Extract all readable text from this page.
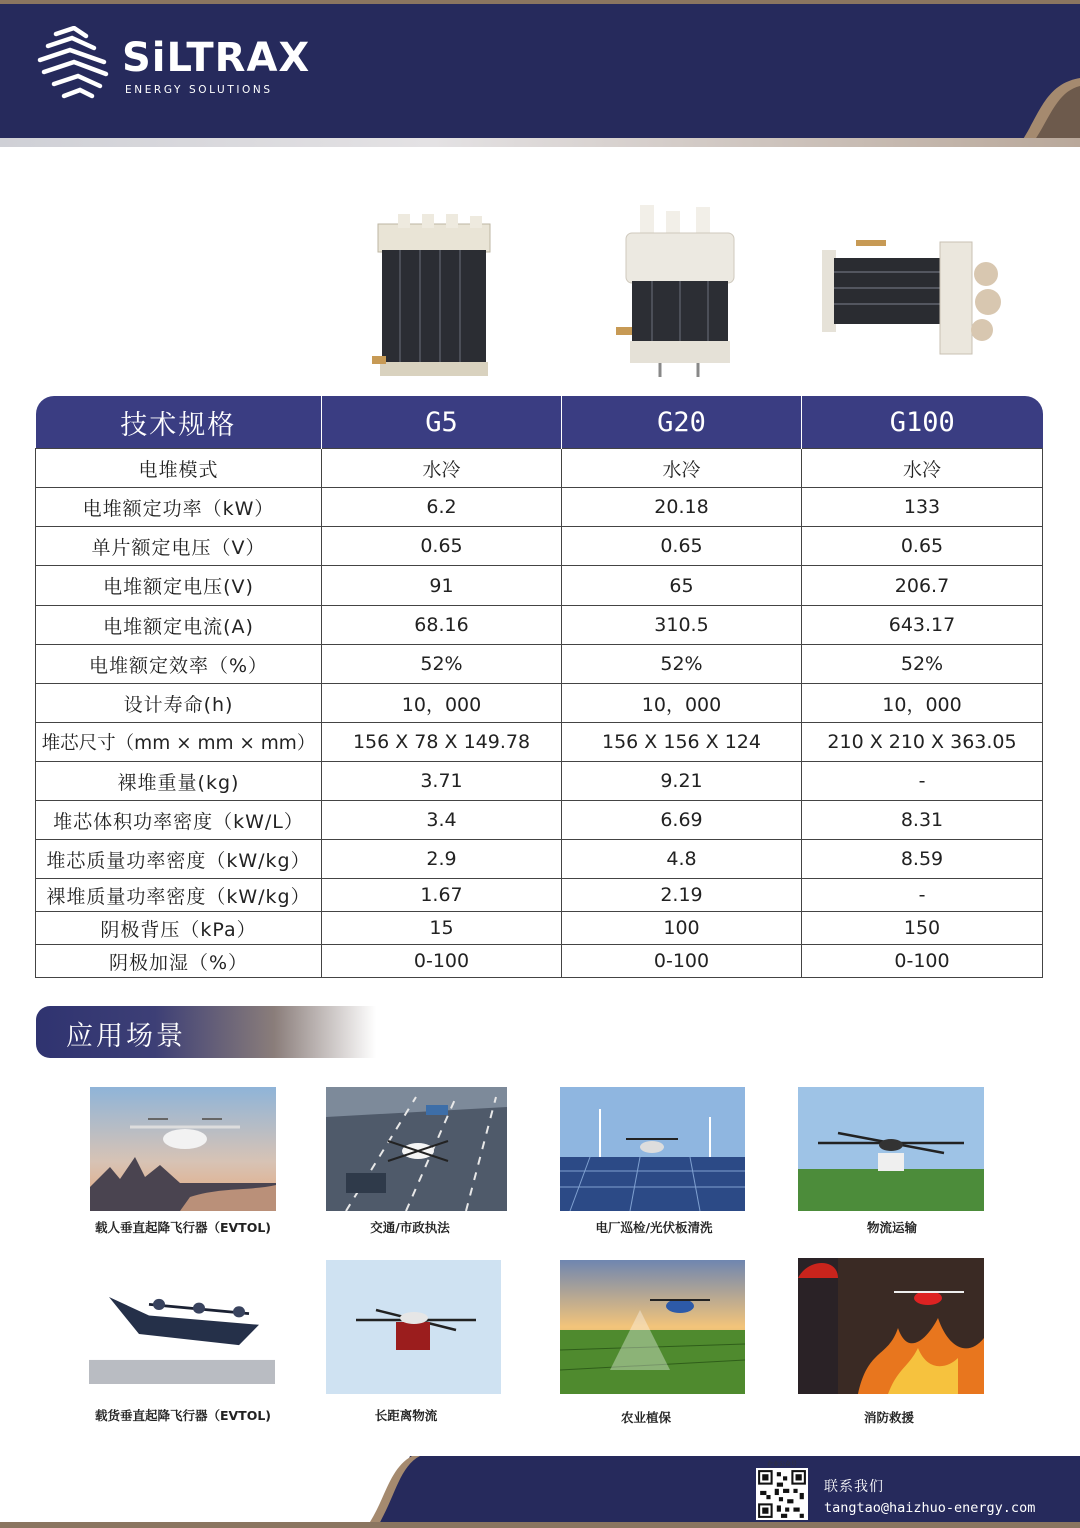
SiLTRAX
ENERGY SOLUTIONS
技术规格	G5	G20	G100
电堆模式	水冷	水冷	水冷
电堆额定功率（kW）	6.2	20.18	133
单片额定电压（V）	0.65	0.65	0.65
电堆额定电压(V)	91	65	206.7
电堆额定电流(A)	68.16	310.5	643.17
电堆额定效率（%）	52%	52%	52%
设计寿命(h)	10，000	10，000	10，000
堆芯尺寸（mm × mm × mm）	156 X 78 X 149.78	156 X 156 X 124	210 X 210 X 363.05
裸堆重量(kg)	3.71	9.21	-
堆芯体积功率密度（kW/L）	3.4	6.69	8.31
堆芯质量功率密度（kW/kg）	2.9	4.8	8.59
裸堆质量功率密度（kW/kg）	1.67	2.19	-
阴极背压（kPa）	15	100	150
阴极加湿（%）	0-100	0-100	0-100
应用场景
载人垂直起降飞行器（EVTOL)	交通/市政执法	电厂巡检/光伏板清洗	物流运输
载货垂直起降飞行器（EVTOL)	长距离物流	农业植保	消防救援
企业公众号
联系我们
tangtao@haizhuo-energy.com
